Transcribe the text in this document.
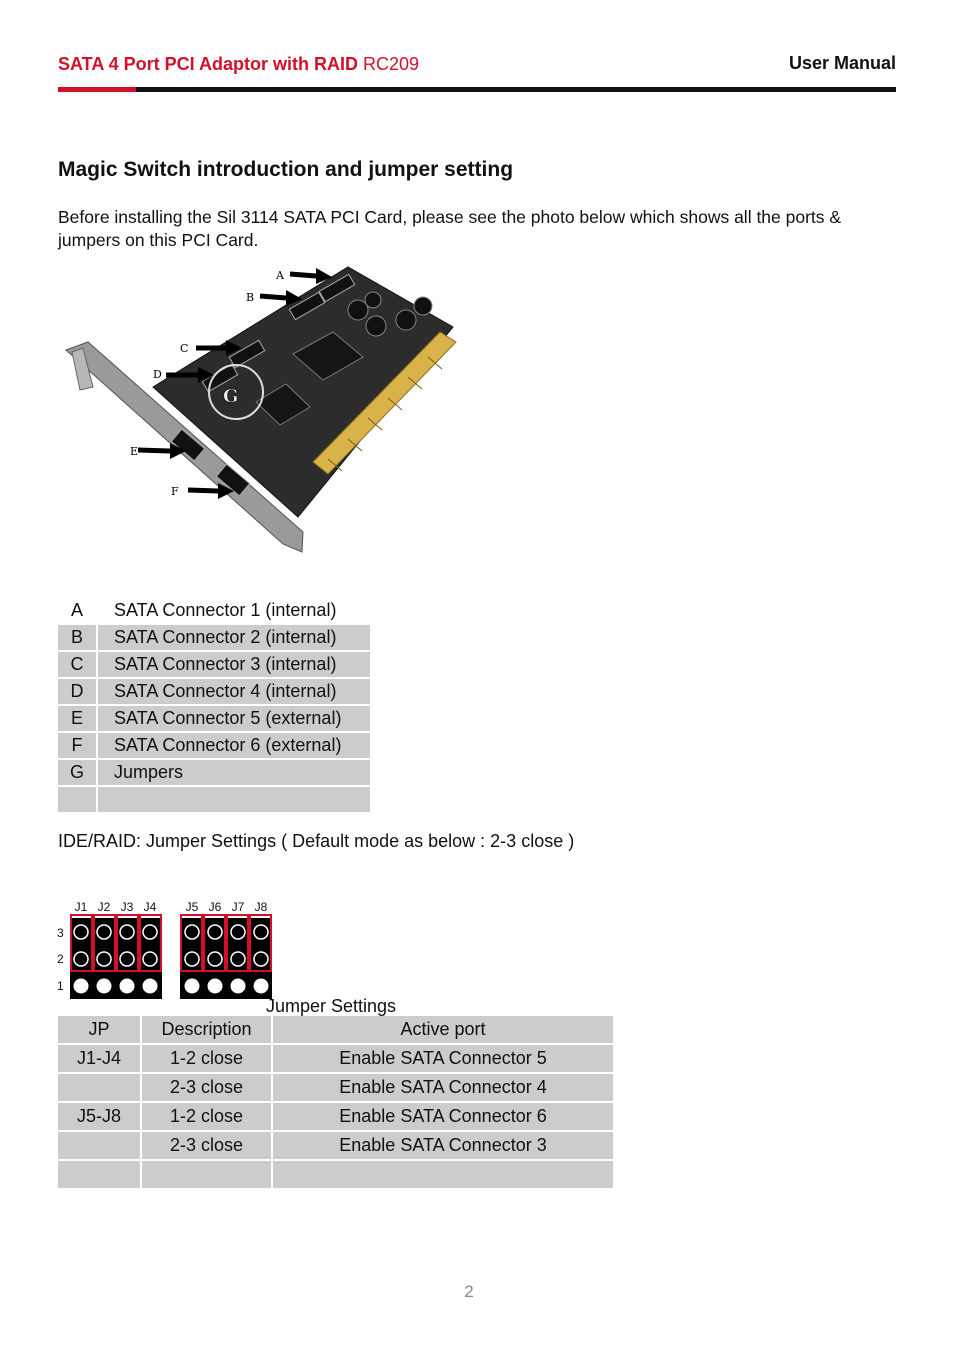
SATA 4 Port PCI Adaptor with RAID RC209	User Manual
Magic Switch introduction and jumper setting
Before installing the Sil 3114 SATA PCI Card, please see the photo below which shows all the ports & jumpers on this PCI Card.
A
B
C
D
E
F
G
A	SATA Connector 1 (internal)
B	SATA Connector 2 (internal)
C	SATA Connector 3 (internal)
D	SATA Connector 4 (internal)
E	SATA Connector 5 (external)
F	SATA Connector 6 (external)
G	Jumpers

IDE/RAID: Jumper Settings ( Default mode as below : 2-3 close )
J1 J2 J3 J4 J5 J6 J7 J8
3
2
1
Jumper Settings
JP	Description	Active port
J1-J4	1-2 close	Enable SATA Connector 5
	2-3 close	Enable SATA Connector 4
J5-J8	1-2 close	Enable SATA Connector 6
	2-3 close	Enable SATA Connector 3

2
